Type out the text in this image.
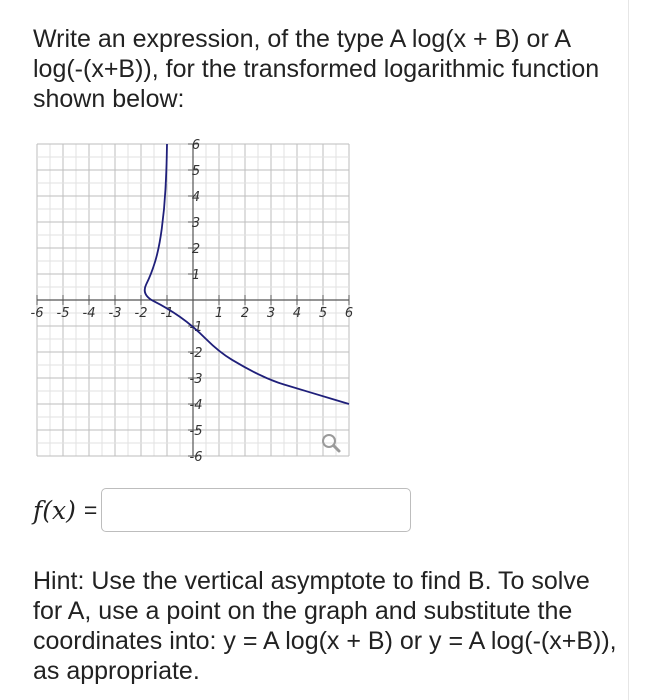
Write an expression, of the type A log(x + B) or A log(-(x+B)), for the transformed logarithmic function shown below:

-6 -5 -4 -3 -2 -1	1 2 3 4 5 6
6
5
4
3
2
1
-1
-2
-3
-4
-5
-6
f(x) =

Hint: Use the vertical asymptote to find B. To solve for A, use a point on the graph and substitute the coordinates into: y = A log(x + B) or y = A log(-(x+B)), as appropriate.
